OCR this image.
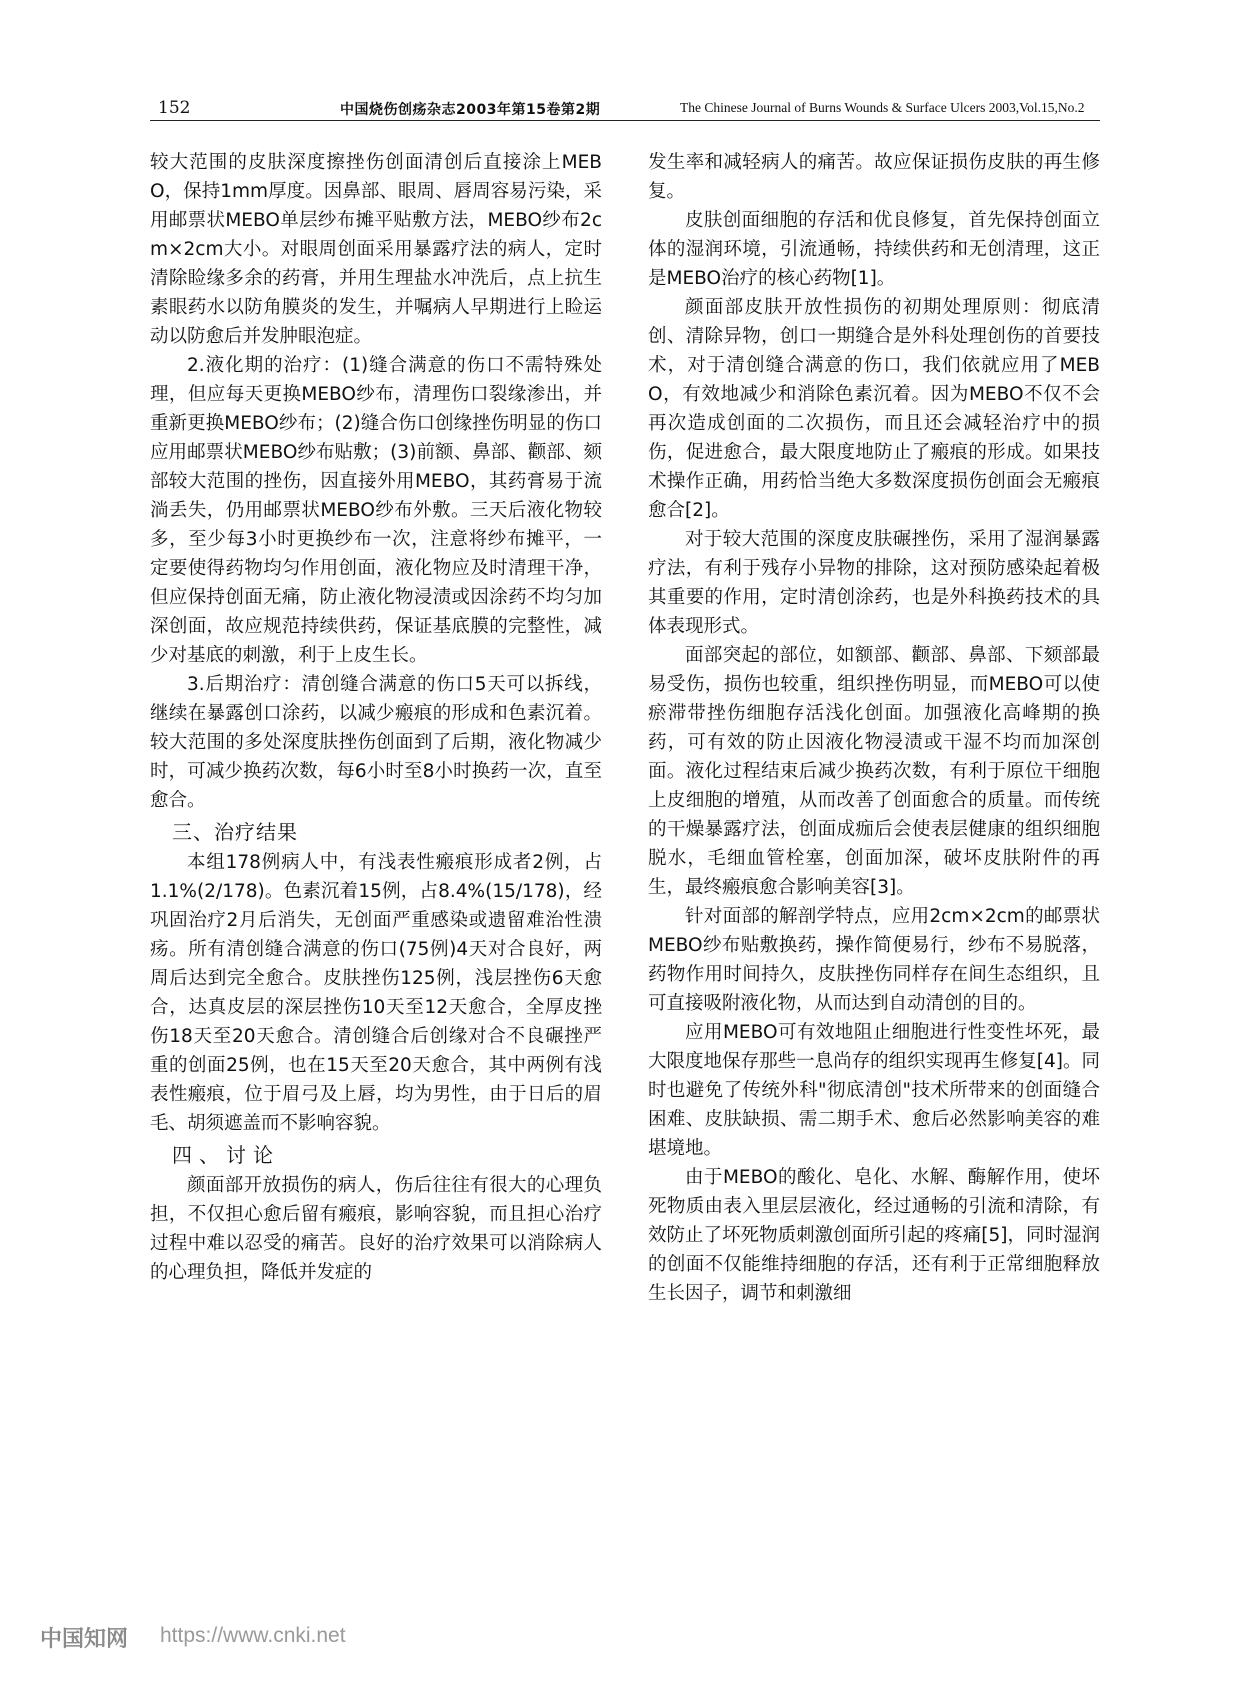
152	中国烧伤创疡杂志2003年第15卷第2期	The Chinese Journal of Burns Wounds & Surface Ulcers 2003,Vol.15,No.2

较大范围的皮肤深度擦挫伤创面清创后直接涂上MEBO，保持1mm厚度。因鼻部、眼周、唇周容易污染，采用邮票状MEBO单层纱布摊平贴敷方法，MEBO纱布2cm×2cm大小。对眼周创面采用暴露疗法的病人，定时清除睑缘多余的药膏，并用生理盐水冲洗后，点上抗生素眼药水以防角膜炎的发生，并嘱病人早期进行上睑运动以防愈后并发肿眼泡症。

2.液化期的治疗：(1)缝合满意的伤口不需特殊处理，但应每天更换MEBO纱布，清理伤口裂缘渗出，并重新更换MEBO纱布；(2)缝合伤口创缘挫伤明显的伤口应用邮票状MEBO纱布贴敷；(3)前额、鼻部、颧部、颏部较大范围的挫伤，因直接外用MEBO，其药膏易于流淌丢失，仍用邮票状MEBO纱布外敷。三天后液化物较多，至少每3小时更换纱布一次，注意将纱布摊平，一定要使得药物均匀作用创面，液化物应及时清理干净，但应保持创面无痛，防止液化物浸渍或因涂药不均匀加深创面，故应规范持续供药，保证基底膜的完整性，减少对基底的刺激，利于上皮生长。

3.后期治疗：清创缝合满意的伤口5天可以拆线，继续在暴露创口涂药，以减少瘢痕的形成和色素沉着。较大范围的多处深度肤挫伤创面到了后期，液化物减少时，可减少换药次数，每6小时至8小时换药一次，直至愈合。

三、治疗结果

本组178例病人中，有浅表性瘢痕形成者2例，占1.1%(2/178)。色素沉着15例，占8.4%(15/178)，经巩固治疗2月后消失，无创面严重感染或遗留难治性溃疡。所有清创缝合满意的伤口(75例)4天对合良好，两周后达到完全愈合。皮肤挫伤125例，浅层挫伤6天愈合，达真皮层的深层挫伤10天至12天愈合，全厚皮挫伤18天至20天愈合。清创缝合后创缘对合不良碾挫严重的创面25例，也在15天至20天愈合，其中两例有浅表性瘢痕，位于眉弓及上唇，均为男性，由于日后的眉毛、胡须遮盖而不影响容貌。

四、讨论

颜面部开放损伤的病人，伤后往往有很大的心理负担，不仅担心愈后留有瘢痕，影响容貌，而且担心治疗过程中难以忍受的痛苦。良好的治疗效果可以消除病人的心理负担，降低并发症的

发生率和减轻病人的痛苦。故应保证损伤皮肤的再生修复。

皮肤创面细胞的存活和优良修复，首先保持创面立体的湿润环境，引流通畅，持续供药和无创清理，这正是MEBO治疗的核心药物[1]。

颜面部皮肤开放性损伤的初期处理原则：彻底清创、清除异物，创口一期缝合是外科处理创伤的首要技术，对于清创缝合满意的伤口，我们依就应用了MEBO，有效地减少和消除色素沉着。因为MEBO不仅不会再次造成创面的二次损伤，而且还会减轻治疗中的损伤，促进愈合，最大限度地防止了瘢痕的形成。如果技术操作正确，用药恰当绝大多数深度损伤创面会无瘢痕愈合[2]。

对于较大范围的深度皮肤碾挫伤，采用了湿润暴露疗法，有利于残存小异物的排除，这对预防感染起着极其重要的作用，定时清创涂药，也是外科换药技术的具体表现形式。

面部突起的部位，如额部、颧部、鼻部、下颏部最易受伤，损伤也较重，组织挫伤明显，而MEBO可以使瘀滞带挫伤细胞存活浅化创面。加强液化高峰期的换药，可有效的防止因液化物浸渍或干湿不均而加深创面。液化过程结束后减少换药次数，有利于原位干细胞上皮细胞的增殖，从而改善了创面愈合的质量。而传统的干燥暴露疗法，创面成痂后会使表层健康的组织细胞脱水，毛细血管栓塞，创面加深，破坏皮肤附件的再生，最终瘢痕愈合影响美容[3]。

针对面部的解剖学特点，应用2cm×2cm的邮票状MEBO纱布贴敷换药，操作简便易行，纱布不易脱落，药物作用时间持久，皮肤挫伤同样存在间生态组织，且可直接吸附液化物，从而达到自动清创的目的。

应用MEBO可有效地阻止细胞进行性变性坏死，最大限度地保存那些一息尚存的组织实现再生修复[4]。同时也避免了传统外科"彻底清创"技术所带来的创面缝合困难、皮肤缺损、需二期手术、愈后必然影响美容的难堪境地。

由于MEBO的酸化、皂化、水解、酶解作用，使坏死物质由表入里层层液化，经过通畅的引流和清除，有效防止了坏死物质刺激创面所引起的疼痛[5]，同时湿润的创面不仅能维持细胞的存活，还有利于正常细胞释放生长因子，调节和刺激细

中国知网 https://www.cnki.net
